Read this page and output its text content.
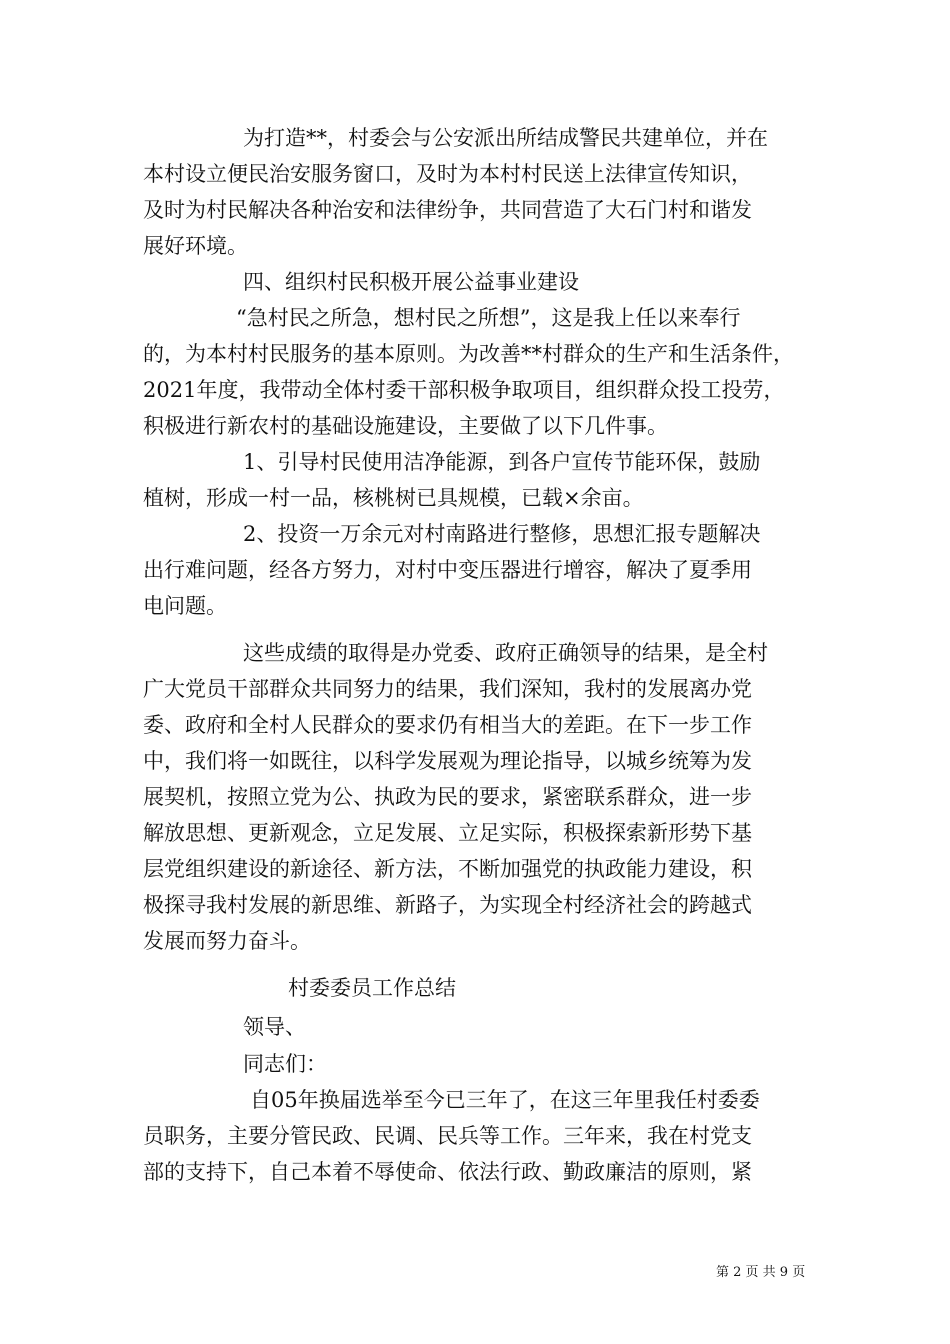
为打造**，村委会与公安派出所结成警民共建单位，并在
本村设立便民治安服务窗口，及时为本村村民送上法律宣传知识，
及时为村民解决各种治安和法律纷争，共同营造了大石门村和谐发
展好环境。
四、组织村民积极开展公益事业建设
“急村民之所急，想村民之所想”，这是我上任以来奉行
的，为本村村民服务的基本原则。为改善**村群众的生产和生活条件，
2021年度，我带动全体村委干部积极争取项目，组织群众投工投劳，
积极进行新农村的基础设施建设，主要做了以下几件事。
1、引导村民使用洁净能源，到各户宣传节能环保，鼓励
植树，形成一村一品，核桃树已具规模，已载×余亩。
2、投资一万余元对村南路进行整修，思想汇报专题解决
出行难问题，经各方努力，对村中变压器进行增容，解决了夏季用
电问题。
这些成绩的取得是办党委、政府正确领导的结果，是全村
广大党员干部群众共同努力的结果，我们深知，我村的发展离办党
委、政府和全村人民群众的要求仍有相当大的差距。在下一步工作
中，我们将一如既往，以科学发展观为理论指导，以城乡统筹为发
展契机，按照立党为公、执政为民的要求，紧密联系群众，进一步
解放思想、更新观念，立足发展、立足实际，积极探索新形势下基
层党组织建设的新途径、新方法，不断加强党的执政能力建设，积
极探寻我村发展的新思维、新路子，为实现全村经济社会的跨越式
发展而努力奋斗。
村委委员工作总结
领导、
同志们：
自05年换届选举至今已三年了，在这三年里我任村委委
员职务，主要分管民政、民调、民兵等工作。三年来，我在村党支
部的支持下，自己本着不辱使命、依法行政、勤政廉洁的原则，紧
第 2 页 共 9 页
